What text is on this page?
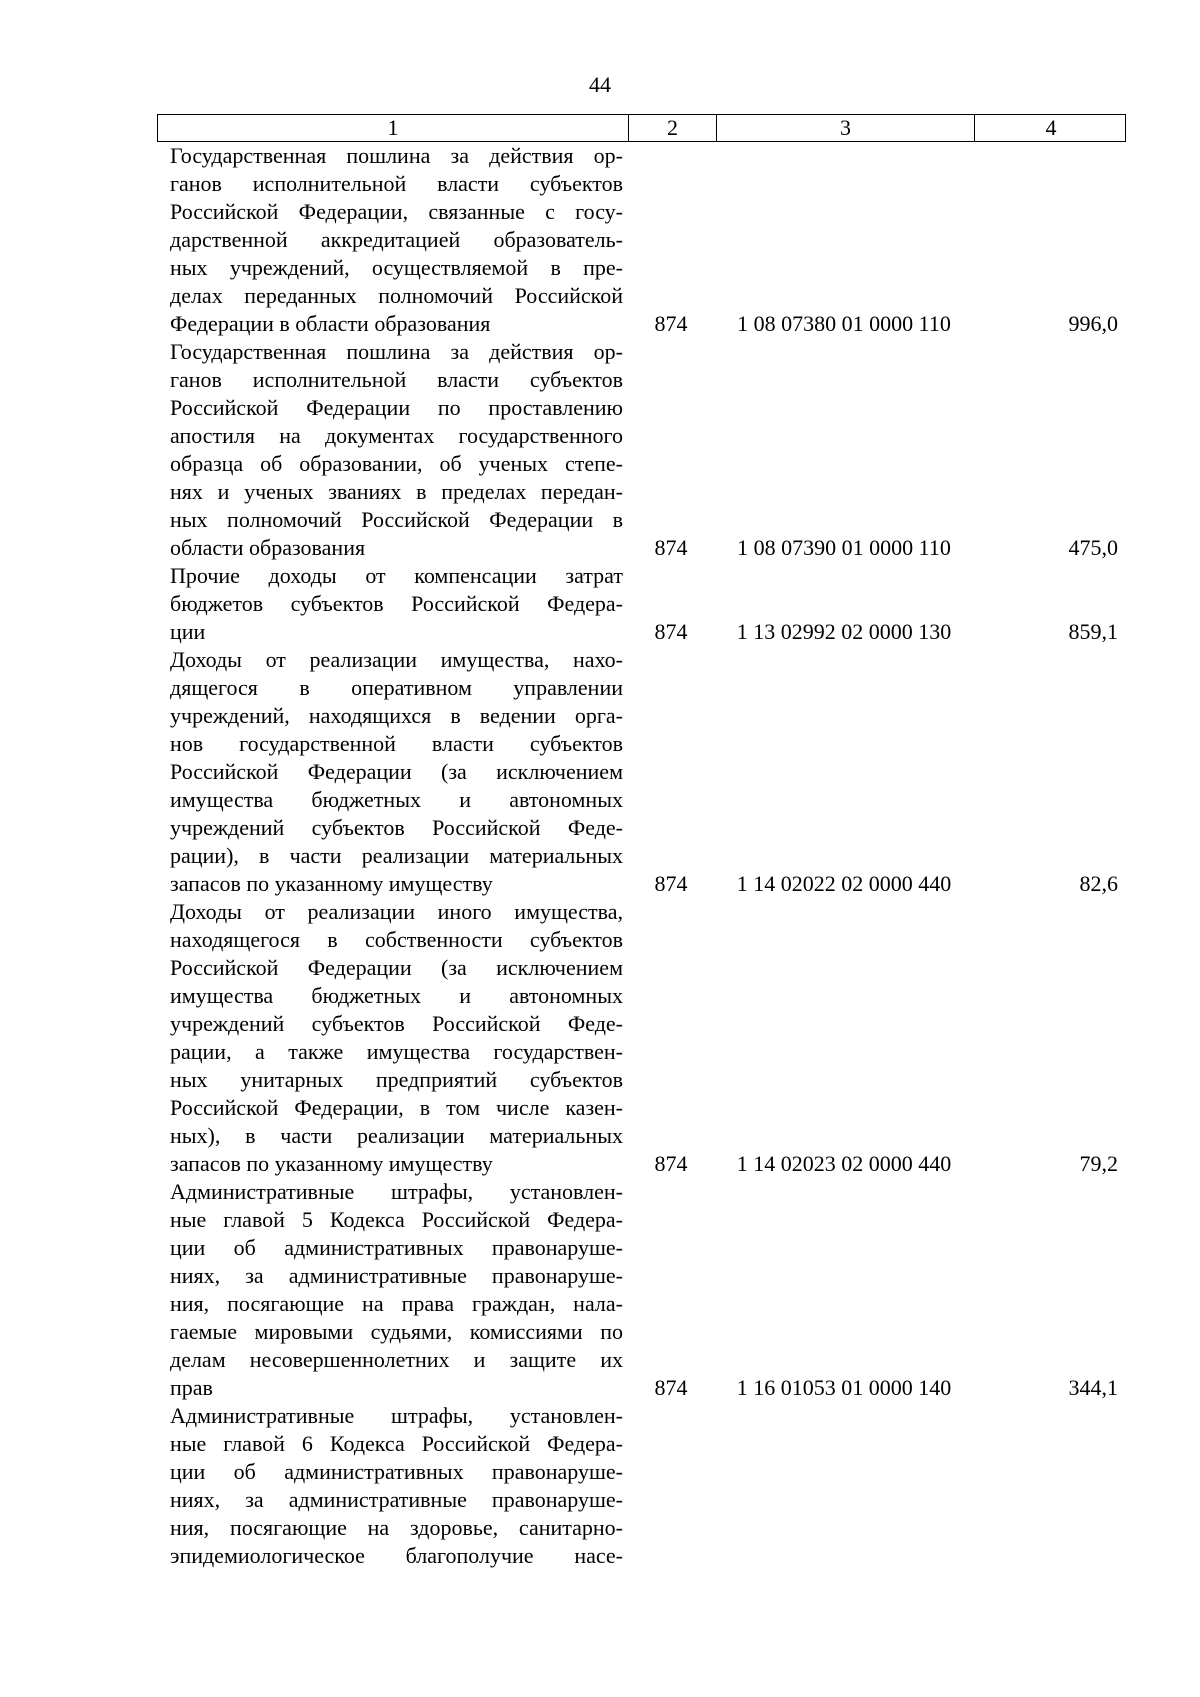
44
1	2	3	4
Государственная пошлина за действия ор-
ганов исполнительной власти субъектов
Российской Федерации, связанные с госу-
дарственной аккредитацией образователь-
ных учреждений, осуществляемой в пре-
делах переданных полномочий Российской
Федерации в области образования	874	1 08 07380 01 0000 110	996,0
Государственная пошлина за действия ор-
ганов исполнительной власти субъектов
Российской Федерации по проставлению
апостиля на документах государственного
образца об образовании, об ученых степе-
нях и ученых званиях в пределах передан-
ных полномочий Российской Федерации в
области образования	874	1 08 07390 01 0000 110	475,0
Прочие доходы от компенсации затрат
бюджетов субъектов Российской Федера-
ции	874	1 13 02992 02 0000 130	859,1
Доходы от реализации имущества, нахо-
дящегося в оперативном управлении
учреждений, находящихся в ведении орга-
нов государственной власти субъектов
Российской Федерации (за исключением
имущества бюджетных и автономных
учреждений субъектов Российской Феде-
рации), в части реализации материальных
запасов по указанному имуществу	874	1 14 02022 02 0000 440	82,6
Доходы от реализации иного имущества,
находящегося в собственности субъектов
Российской Федерации (за исключением
имущества бюджетных и автономных
учреждений субъектов Российской Феде-
рации, а также имущества государствен-
ных унитарных предприятий субъектов
Российской Федерации, в том числе казен-
ных), в части реализации материальных
запасов по указанному имуществу	874	1 14 02023 02 0000 440	79,2
Административные штрафы, установлен-
ные главой 5 Кодекса Российской Федера-
ции об административных правонаруше-
ниях, за административные правонаруше-
ния, посягающие на права граждан, нала-
гаемые мировыми судьями, комиссиями по
делам несовершеннолетних и защите их
прав	874	1 16 01053 01 0000 140	344,1
Административные штрафы, установлен-
ные главой 6 Кодекса Российской Федера-
ции об административных правонаруше-
ниях, за административные правонаруше-
ния, посягающие на здоровье, санитарно-
эпидемиологическое благополучие насе-
